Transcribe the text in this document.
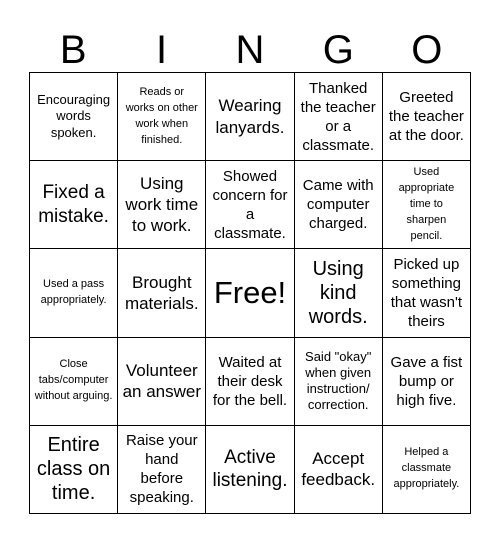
B	I	N	G	O
Encouraging words spoken.
Reads or works on other work when finished.
Wearing lanyards.
Thanked the teacher or a classmate.
Greeted the teacher at the door.
Fixed a mistake.
Using work time to work.
Showed concern for a classmate.
Came with computer charged.
Used appropriate time to sharpen pencil.
Used a pass appropriately.
Brought materials. Free!
Using kind words.
Picked up something that wasn't theirs
Close tabs/computer without arguing.
Volunteer an answer
Waited at their desk for the bell.
Said "okay" when given instruction/ correction.
Gave a fist bump or high five.
Entire class on time.
Raise your hand before speaking.
Active listening.
Accept feedback.
Helped a classmate appropriately.
